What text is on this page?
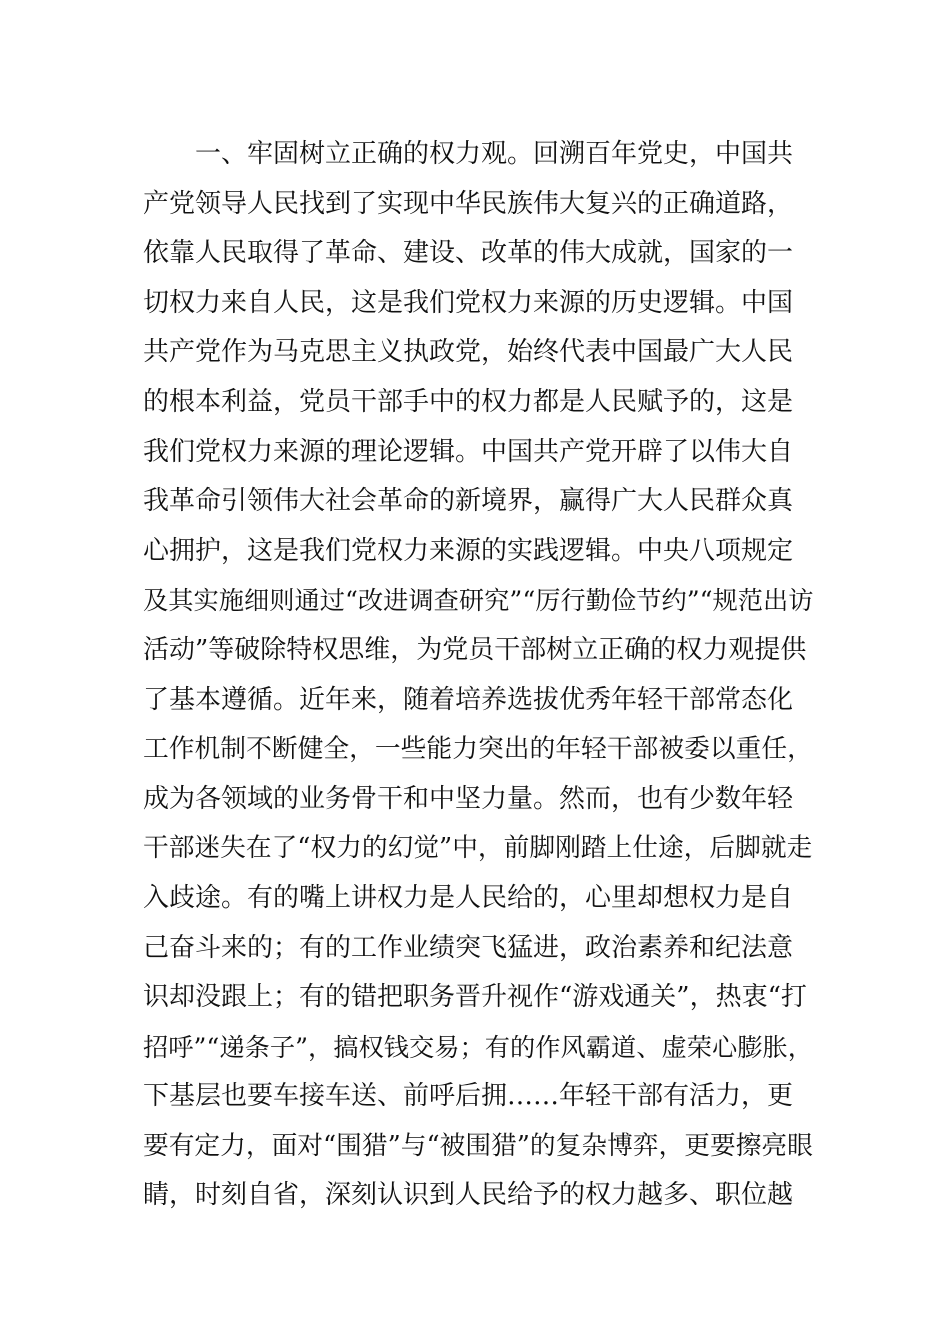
一、牢固树立正确的权力观。回溯百年党史，中国共
产党领导人民找到了实现中华民族伟大复兴的正确道路，
依靠人民取得了革命、建设、改革的伟大成就，国家的一
切权力来自人民，这是我们党权力来源的历史逻辑。中国
共产党作为马克思主义执政党，始终代表中国最广大人民
的根本利益，党员干部手中的权力都是人民赋予的，这是
我们党权力来源的理论逻辑。中国共产党开辟了以伟大自
我革命引领伟大社会革命的新境界，赢得广大人民群众真
心拥护，这是我们党权力来源的实践逻辑。中央八项规定
及其实施细则通过“改进调查研究”“厉行勤俭节约”“规范出访
活动”等破除特权思维，为党员干部树立正确的权力观提供
了基本遵循。近年来，随着培养选拔优秀年轻干部常态化
工作机制不断健全，一些能力突出的年轻干部被委以重任，
成为各领域的业务骨干和中坚力量。然而，也有少数年轻
干部迷失在了“权力的幻觉”中，前脚刚踏上仕途，后脚就走
入歧途。有的嘴上讲权力是人民给的，心里却想权力是自
己奋斗来的；有的工作业绩突飞猛进，政治素养和纪法意
识却没跟上；有的错把职务晋升视作“游戏通关”，热衷“打
招呼”“递条子”，搞权钱交易；有的作风霸道、虚荣心膨胀，
下基层也要车接车送、前呼后拥……年轻干部有活力，更
要有定力，面对“围猎”与“被围猎”的复杂博弈，更要擦亮眼
睛，时刻自省，深刻认识到人民给予的权力越多、职位越
